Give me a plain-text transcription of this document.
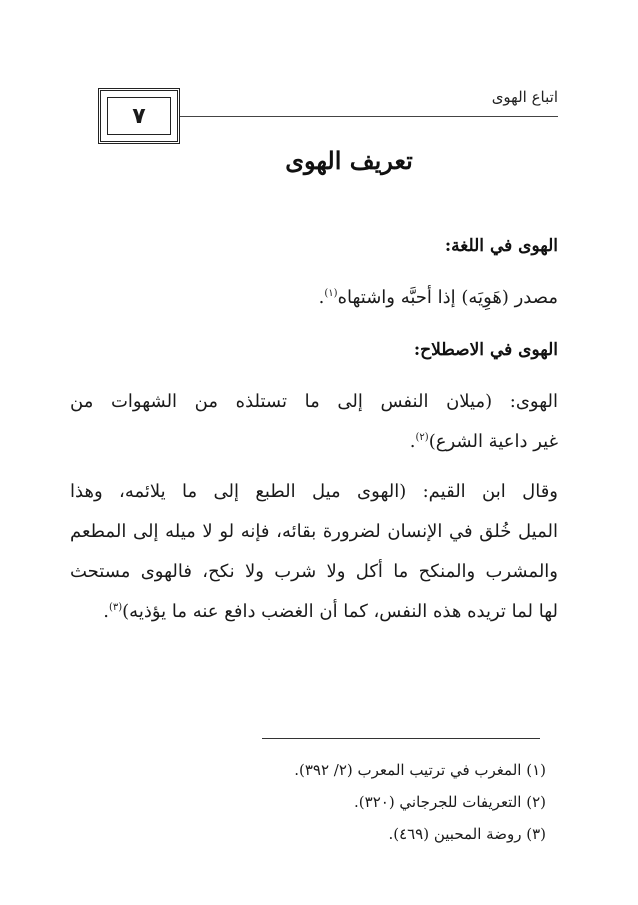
اتباع الهوى
٧
تعريف الهوى
الهوى في اللغة:
مصدر (هَوِيَه) إذا أحبَّه واشتهاه$^{(١)}$.
الهوى في الاصطلاح:
الهوى: (ميلان النفس إلى ما تستلذه من الشهوات من
غير داعية الشرع)$^{(٢)}$.
وقال ابن القيم: (الهوى ميل الطبع إلى ما يلائمه، وهذا
الميل خُلق في الإنسان لضرورة بقائه، فإنه لو لا ميله إلى المطعم
والمشرب والمنكح ما أكل ولا شرب ولا نكح، فالهوى مستحث
لها لما تريده هذه النفس، كما أن الغضب دافع عنه ما يؤذيه)$^{(٣)}$.
(١) المغرب في ترتيب المعرب (٢/ ٣٩٢).
(٢) التعريفات للجرجاني (٣٢٠).
(٣) روضة المحبين (٤٦٩).
